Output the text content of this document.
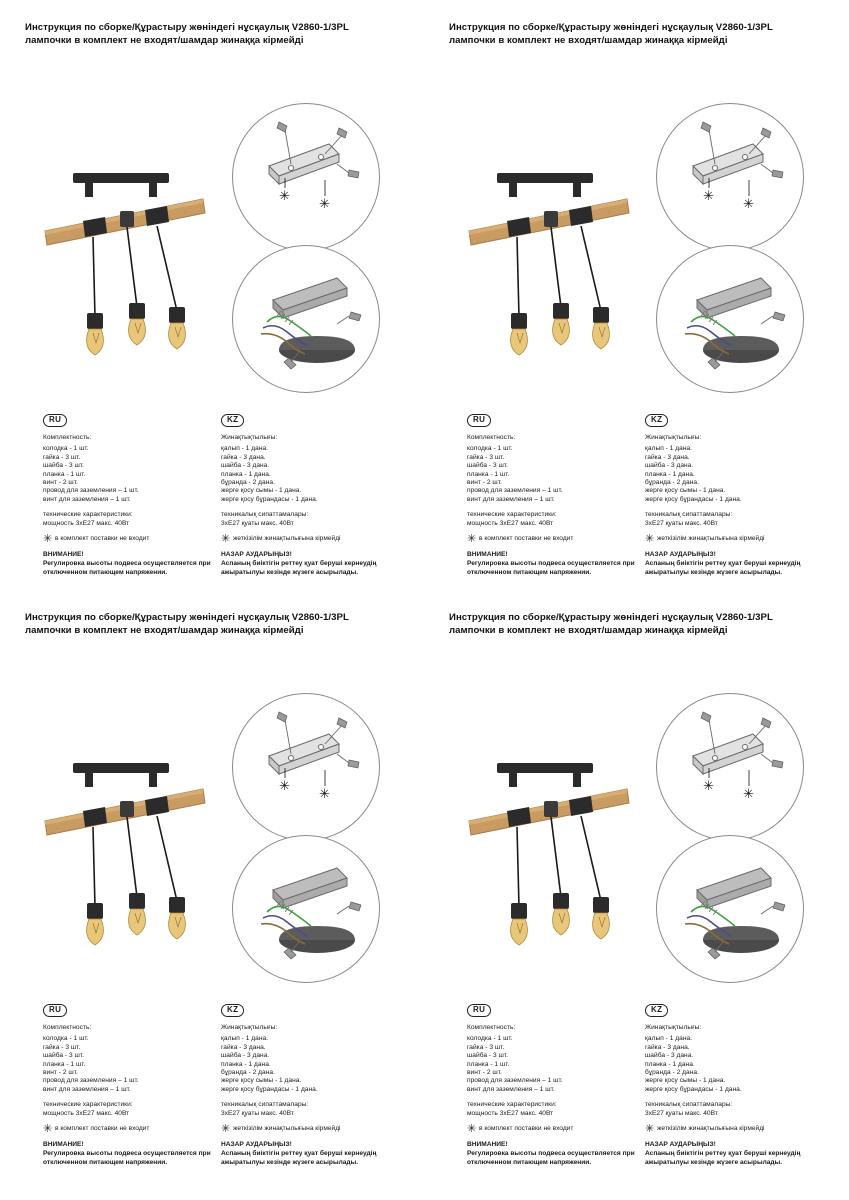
Инструкция по сборке/Құрастыру жөніндегі нұсқаулық V2860-1/3PL
лампочки в комплект не входят/шамдар жинаққа кірмейді
✳
✳
RU
Комплектность:
колодка - 1 шт.
гайка - 3 шт.
шайба - 3 шт.
планка - 1 шт.
винт - 2 шт.
провод для заземления – 1 шт.
винт для заземления – 1 шт.
технические характеристики:
мощность 3хЕ27 макс. 40Вт
✳ в комплект поставки не входит
ВНИМАНИЕ!
Регулировка высоты подвеса осуществляется при отключенном питающем напряжении.
KZ
Жинақтықтылығы:
қалып - 1 дана.
гайка - 3 дана.
шайба - 3 дана.
планка - 1 дана.
бұранда - 2 дана.
жерге қосу сымы - 1 дана.
жерге қосу бұрандасы - 1 дана.
техникалық сипаттамалары:
3хЕ27 қуаты макс. 40Вт
✳ жеткізілім жинақтылығына кірмейді
НАЗАР АУДАРЫҢЫЗ!
Аспаның биіктігін реттеу қуат беруші кернеудің ажыратылуы кезінде жүзеге асырылады.
Инструкция по сборке/Құрастыру жөніндегі нұсқаулық V2860-1/3PL
лампочки в комплект не входят/шамдар жинаққа кірмейді
✳
✳
RU
Комплектность:
колодка - 1 шт.
гайка - 3 шт.
шайба - 3 шт.
планка - 1 шт.
винт - 2 шт.
провод для заземления – 1 шт.
винт для заземления – 1 шт.
технические характеристики:
мощность 3хЕ27 макс. 40Вт
✳ в комплект поставки не входит
ВНИМАНИЕ!
Регулировка высоты подвеса осуществляется при отключенном питающем напряжении.
KZ
Жинақтықтылығы:
қалып - 1 дана.
гайка - 3 дана.
шайба - 3 дана.
планка - 1 дана.
бұранда - 2 дана.
жерге қосу сымы - 1 дана.
жерге қосу бұрандасы - 1 дана.
техникалық сипаттамалары:
3хЕ27 қуаты макс. 40Вт
✳ жеткізілім жинақтылығына кірмейді
НАЗАР АУДАРЫҢЫЗ!
Аспаның биіктігін реттеу қуат беруші кернеудің ажыратылуы кезінде жүзеге асырылады.
Инструкция по сборке/Құрастыру жөніндегі нұсқаулық V2860-1/3PL
лампочки в комплект не входят/шамдар жинаққа кірмейді
✳
✳
RU
Комплектность:
колодка - 1 шт.
гайка - 3 шт.
шайба - 3 шт.
планка - 1 шт.
винт - 2 шт.
провод для заземления – 1 шт.
винт для заземления – 1 шт.
технические характеристики:
мощность 3хЕ27 макс. 40Вт
✳ в комплект поставки не входит
ВНИМАНИЕ!
Регулировка высоты подвеса осуществляется при отключенном питающем напряжении.
KZ
Жинақтықтылығы:
қалып - 1 дана.
гайка - 3 дана.
шайба - 3 дана.
планка - 1 дана.
бұранда - 2 дана.
жерге қосу сымы - 1 дана.
жерге қосу бұрандасы - 1 дана.
техникалық сипаттамалары:
3хЕ27 қуаты макс. 40Вт
✳ жеткізілім жинақтылығына кірмейді
НАЗАР АУДАРЫҢЫЗ!
Аспаның биіктігін реттеу қуат беруші кернеудің ажыратылуы кезінде жүзеге асырылады.
Инструкция по сборке/Құрастыру жөніндегі нұсқаулық V2860-1/3PL
лампочки в комплект не входят/шамдар жинаққа кірмейді
✳
✳
RU
Комплектность:
колодка - 1 шт.
гайка - 3 шт.
шайба - 3 шт.
планка - 1 шт.
винт - 2 шт.
провод для заземления – 1 шт.
винт для заземления – 1 шт.
технические характеристики:
мощность 3хЕ27 макс. 40Вт
✳ в комплект поставки не входит
ВНИМАНИЕ!
Регулировка высоты подвеса осуществляется при отключенном питающем напряжении.
KZ
Жинақтықтылығы:
қалып - 1 дана.
гайка - 3 дана.
шайба - 3 дана.
планка - 1 дана.
бұранда - 2 дана.
жерге қосу сымы - 1 дана.
жерге қосу бұрандасы - 1 дана.
техникалық сипаттамалары:
3хЕ27 қуаты макс. 40Вт
✳ жеткізілім жинақтылығына кірмейді
НАЗАР АУДАРЫҢЫЗ!
Аспаның биіктігін реттеу қуат беруші кернеудің ажыратылуы кезінде жүзеге асырылады.
